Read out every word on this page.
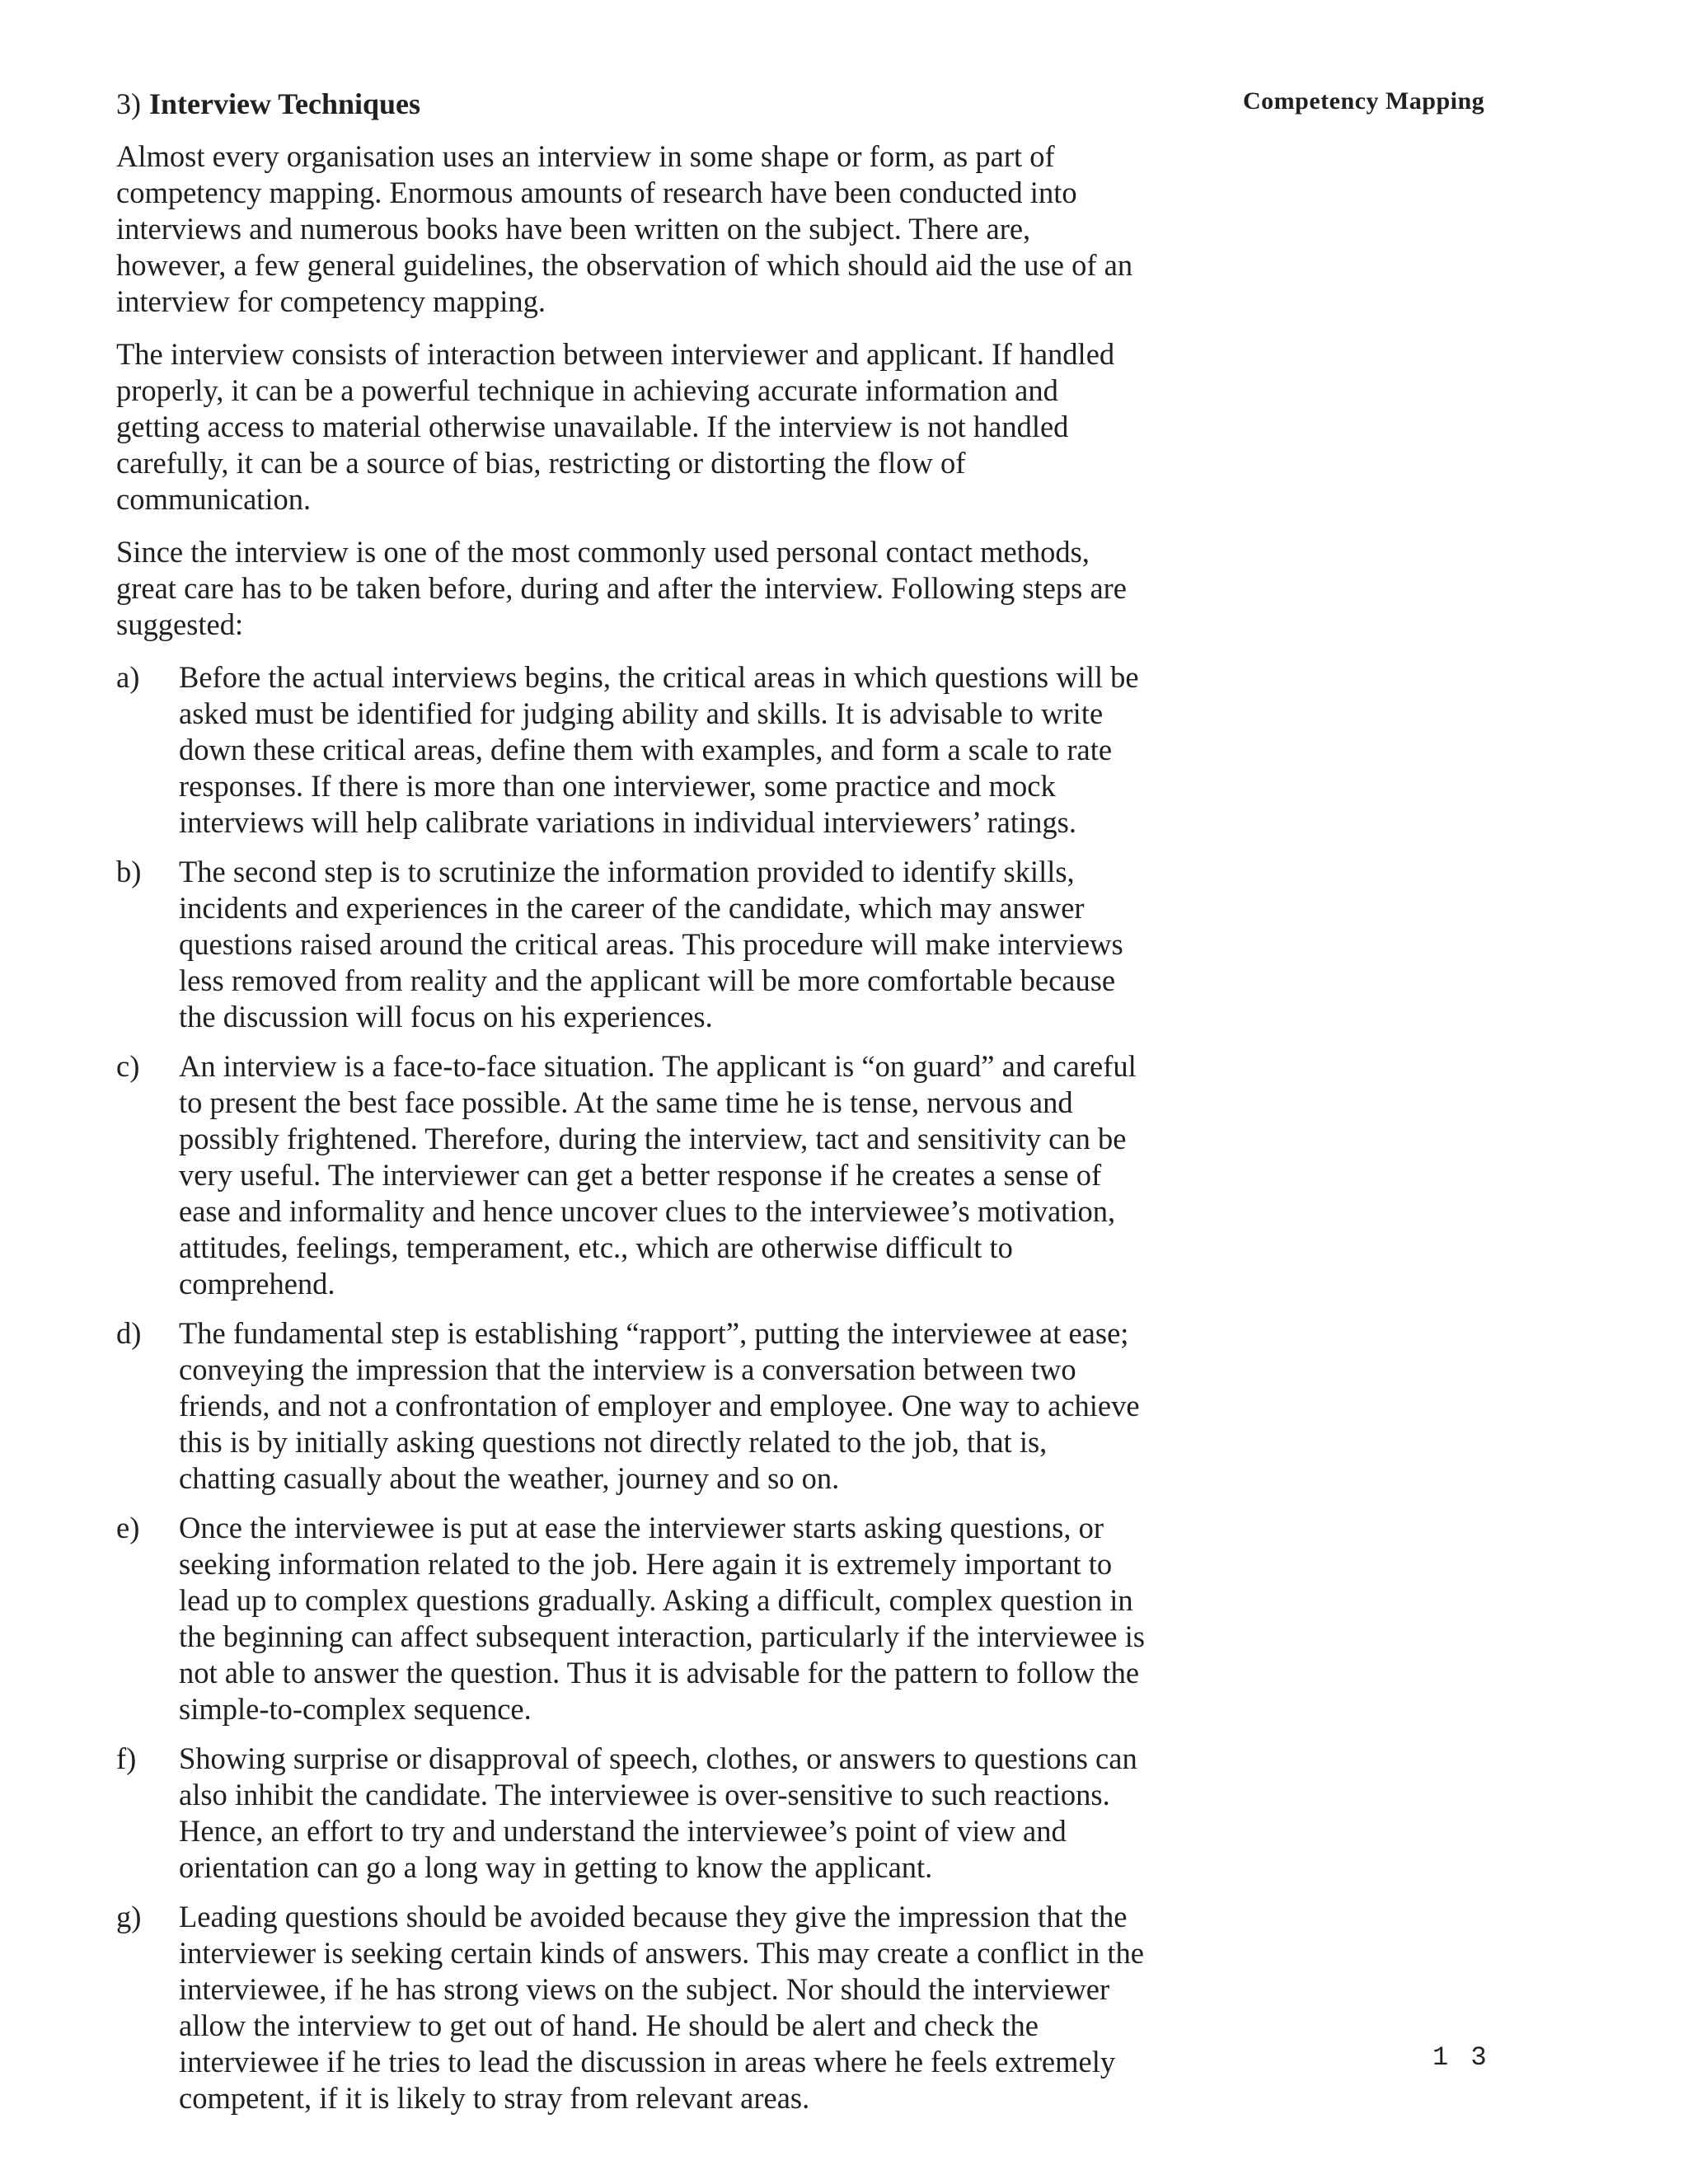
Competency Mapping
3) Interview Techniques

Almost every organisation uses an interview in some shape or form, as part of competency mapping. Enormous amounts of research have been conducted into interviews and numerous books have been written on the subject. There are, however, a few general guidelines, the observation of which should aid the use of an interview for competency mapping.

The interview consists of interaction between interviewer and applicant. If handled properly, it can be a powerful technique in achieving accurate information and getting access to material otherwise unavailable. If the interview is not handled carefully, it can be a source of bias, restricting or distorting the flow of communication.

Since the interview is one of the most commonly used personal contact methods, great care has to be taken before, during and after the interview. Following steps are suggested:

a) Before the actual interviews begins, the critical areas in which questions will be asked must be identified for judging ability and skills. It is advisable to write down these critical areas, define them with examples, and form a scale to rate responses. If there is more than one interviewer, some practice and mock interviews will help calibrate variations in individual interviewers’ ratings.
b) The second step is to scrutinize the information provided to identify skills, incidents and experiences in the career of the candidate, which may answer questions raised around the critical areas. This procedure will make interviews less removed from reality and the applicant will be more comfortable because the discussion will focus on his experiences.
c) An interview is a face-to-face situation. The applicant is “on guard” and careful to present the best face possible. At the same time he is tense, nervous and possibly frightened. Therefore, during the interview, tact and sensitivity can be very useful. The interviewer can get a better response if he creates a sense of ease and informality and hence uncover clues to the interviewee’s motivation, attitudes, feelings, temperament, etc., which are otherwise difficult to comprehend.
d) The fundamental step is establishing “rapport”, putting the interviewee at ease; conveying the impression that the interview is a conversation between two friends, and not a confrontation of employer and employee. One way to achieve this is by initially asking questions not directly related to the job, that is, chatting casually about the weather, journey and so on.
e) Once the interviewee is put at ease the interviewer starts asking questions, or seeking information related to the job. Here again it is extremely important to lead up to complex questions gradually. Asking a difficult, complex question in the beginning can affect subsequent interaction, particularly if the interviewee is not able to answer the question. Thus it is advisable for the pattern to follow the simple-to-complex sequence.
f) Showing surprise or disapproval of speech, clothes, or answers to questions can also inhibit the candidate. The interviewee is over-sensitive to such reactions. Hence, an effort to try and understand the interviewee’s point of view and orientation can go a long way in getting to know the applicant.
g) Leading questions should be avoided because they give the impression that the interviewer is seeking certain kinds of answers. This may create a conflict in the interviewee, if he has strong views on the subject. Nor should the interviewer allow the interview to get out of hand. He should be alert and check the interviewee if he tries to lead the discussion in areas where he feels extremely competent, if it is likely to stray from relevant areas.
1 3
